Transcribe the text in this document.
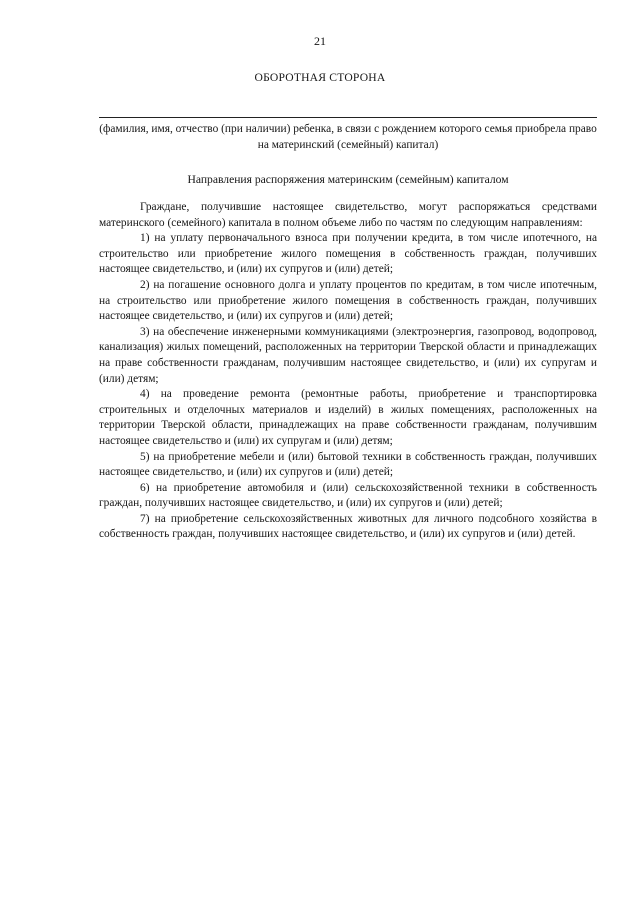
21
ОБОРОТНАЯ СТОРОНА
(фамилия, имя, отчество (при наличии) ребенка, в связи с рождением которого семья приобрела право на материнский (семейный) капитал)
Направления распоряжения материнским (семейным) капиталом

Граждане, получившие настоящее свидетельство, могут распоряжаться средствами материнского (семейного) капитала в полном объеме либо по частям по следующим направлениям:

1) на уплату первоначального взноса при получении кредита, в том числе ипотечного, на строительство или приобретение жилого помещения в собственность граждан, получивших настоящее свидетельство, и (или) их супругов и (или) детей;

2) на погашение основного долга и уплату процентов по кредитам, в том числе ипотечным, на строительство или приобретение жилого помещения в собственность граждан, получивших настоящее свидетельство, и (или) их супругов и (или) детей;

3) на обеспечение инженерными коммуникациями (электроэнергия, газопровод, водопровод, канализация) жилых помещений, расположенных на территории Тверской области и принадлежащих на праве собственности гражданам, получившим настоящее свидетельство, и (или) их супругам и (или) детям;

4) на проведение ремонта (ремонтные работы, приобретение и транспортировка строительных и отделочных материалов и изделий) в жилых помещениях, расположенных на территории Тверской области, принадлежащих на праве собственности гражданам, получившим настоящее свидетельство и (или) их супругам и (или) детям;

5) на приобретение мебели и (или) бытовой техники в собственность граждан, получивших настоящее свидетельство, и (или) их супругов и (или) детей;

6) на приобретение автомобиля и (или) сельскохозяйственной техники в собственность граждан, получивших настоящее свидетельство, и (или) их супругов и (или) детей;

7) на приобретение сельскохозяйственных животных для личного подсобного хозяйства в собственность граждан, получивших настоящее свидетельство, и (или) их супругов и (или) детей.
